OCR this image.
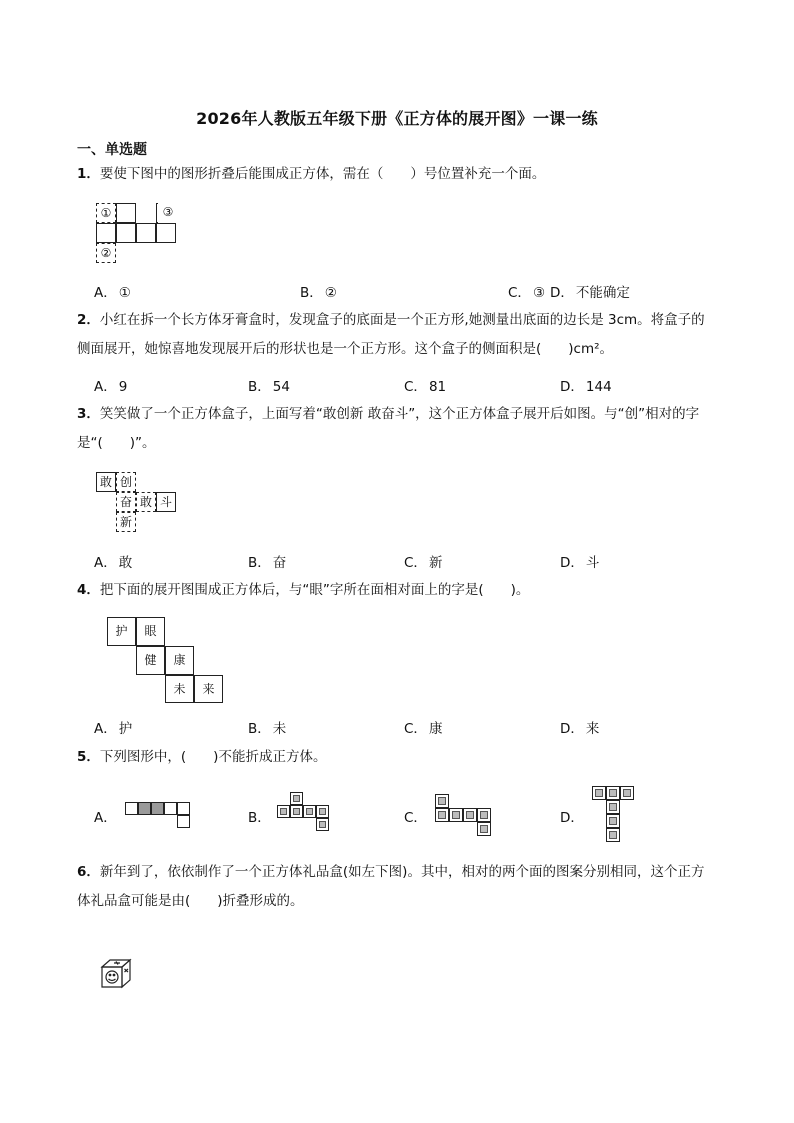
2026年人教版五年级下册《正方体的展开图》一课一练
一、单选题
1．要使下图中的图形折叠后能围成正方体，需在（　　）号位置补充一个面。
①	③
②
A． ①	B． ②	C． ③ D． 不能确定
2．小红在拆一个长方体牙膏盒时，发现盒子的底面是一个正方形,她测量出底面的边长是 3cm。将盒子的侧面展开，她惊喜地发现展开后的形状也是一个正方形。这个盒子的侧面积是(　　)cm²。
A． 9	B． 54	C． 81	D． 144
3．笑笑做了一个正方体盒子，上面写着“敢创新 敢奋斗”，这个正方体盒子展开后如图。与“创”相对的字是“(　　)”。
敢 创
奋 敢 斗
新
A． 敢	B． 奋	C． 新	D． 斗
4．把下面的展开图围成正方体后，与“眼”字所在面相对面上的字是(　　)。
护	眼
健	康
未	来
A． 护	B． 未	C． 康	D． 来
5．下列图形中，(　　)不能折成正方体。
A．	B．	C．	D．
6．新年到了，依依制作了一个正方体礼品盒(如左下图)。其中，相对的两个面的图案分别相同，这个正方体礼品盒可能是由(　　)折叠形成的。
